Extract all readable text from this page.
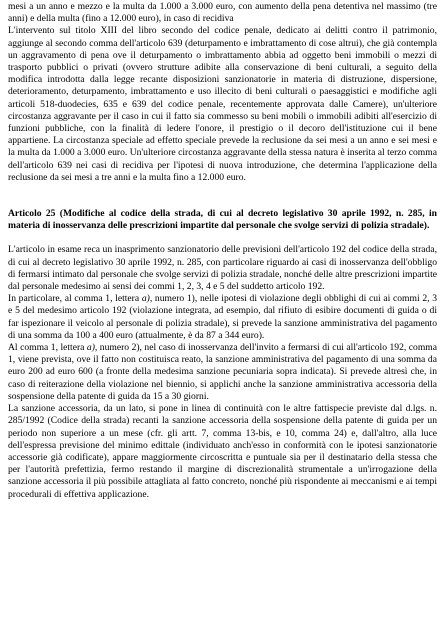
mesi a un anno e mezzo e la multa da 1.000 a 3.000 euro, con aumento della pena detentiva nel massimo (tre anni) e della multa (fino a 12.000 euro), in caso di recidiva

L'intervento sul titolo XIII del libro secondo del codice penale, dedicato ai delitti contro il patrimonio, aggiunge al secondo comma dell'articolo 639 (deturpamento e imbrattamento di cose altrui), che già contempla un aggravamento di pena ove il deturpamento o imbrattamento abbia ad oggetto beni immobili o mezzi di trasporto pubblici o privati (ovvero strutture adibite alla conservazione di beni culturali, a seguito della modifica introdotta dalla legge recante disposizioni sanzionatorie in materia di distruzione, dispersione, deterioramento, deturpamento, imbrattamento e uso illecito di beni culturali o paesaggistici e modifiche agli articoli 518-duodecies, 635 e 639 del codice penale, recentemente approvata dalle Camere), un'ulteriore circostanza aggravante per il caso in cui il fatto sia commesso su beni mobili o immobili adibiti all'esercizio di funzioni pubbliche, con la finalità di ledere l'onore, il prestigio o il decoro dell'istituzione cui il bene appartiene. La circostanza speciale ad effetto speciale prevede la reclusione da sei mesi a un anno e sei mesi e la multa da 1.000 a 3.000 euro. Un'ulteriore circostanza aggravante della stessa natura è inserita al terzo comma dell'articolo 639 nei casi di recidiva per l'ipotesi di nuova introduzione, che determina l'applicazione della reclusione da sei mesi a tre anni e la multa fino a 12.000 euro.

Articolo 25 (Modifiche al codice della strada, di cui al decreto legislativo 30 aprile 1992, n. 285, in materia di inosservanza delle prescrizioni impartite dal personale che svolge servizi di polizia stradale).

L'articolo in esame reca un inasprimento sanzionatorio delle previsioni dell'articolo 192 del codice della strada, di cui al decreto legislativo 30 aprile 1992, n. 285, con particolare riguardo ai casi di inosservanza dell'obbligo di fermarsi intimato dal personale che svolge servizi di polizia stradale, nonché delle altre prescrizioni impartite dal personale medesimo ai sensi dei commi 1, 2, 3, 4 e 5 del suddetto articolo 192.

In particolare, al comma 1, lettera a), numero 1), nelle ipotesi di violazione degli obblighi di cui ai commi 2, 3 e 5 del medesimo articolo 192 (violazione integrata, ad esempio, dal rifiuto di esibire documenti di guida o di far ispezionare il veicolo al personale di polizia stradale), si prevede la sanzione amministrativa del pagamento di una somma da 100 a 400 euro (attualmente, è da 87 a 344 euro).

Al comma 1, lettera a), numero 2), nel caso di inosservanza dell'invito a fermarsi di cui all'articolo 192, comma 1, viene prevista, ove il fatto non costituisca reato, la sanzione amministrativa del pagamento di una somma da euro 200 ad euro 600 (a fronte della medesima sanzione pecuniaria sopra indicata). Si prevede altresì che, in caso di reiterazione della violazione nel biennio, si applichi anche la sanzione amministrativa accessoria della sospensione della patente di guida da 15 a 30 giorni.

La sanzione accessoria, da un lato, si pone in linea di continuità con le altre fattispecie previste dal d.lgs. n. 285/1992 (Codice della strada) recanti la sanzione accessoria della sospensione della patente di guida per un periodo non superiore a un mese (cfr. gli artt. 7, comma 13-bis, e 10, comma 24) e, dall'altro, alla luce dell'espressa previsione del minimo edittale (individuato anch'esso in conformità con le ipotesi sanzionatorie accessorie già codificate), appare maggiormente circoscritta e puntuale sia per il destinatario della stessa che per l'autorità prefettizia, fermo restando il margine di discrezionalità strumentale a un'irrogazione della sanzione accessoria il più possibile attagliata al fatto concreto, nonché più rispondente ai meccanismi e ai tempi procedurali di effettiva applicazione.
